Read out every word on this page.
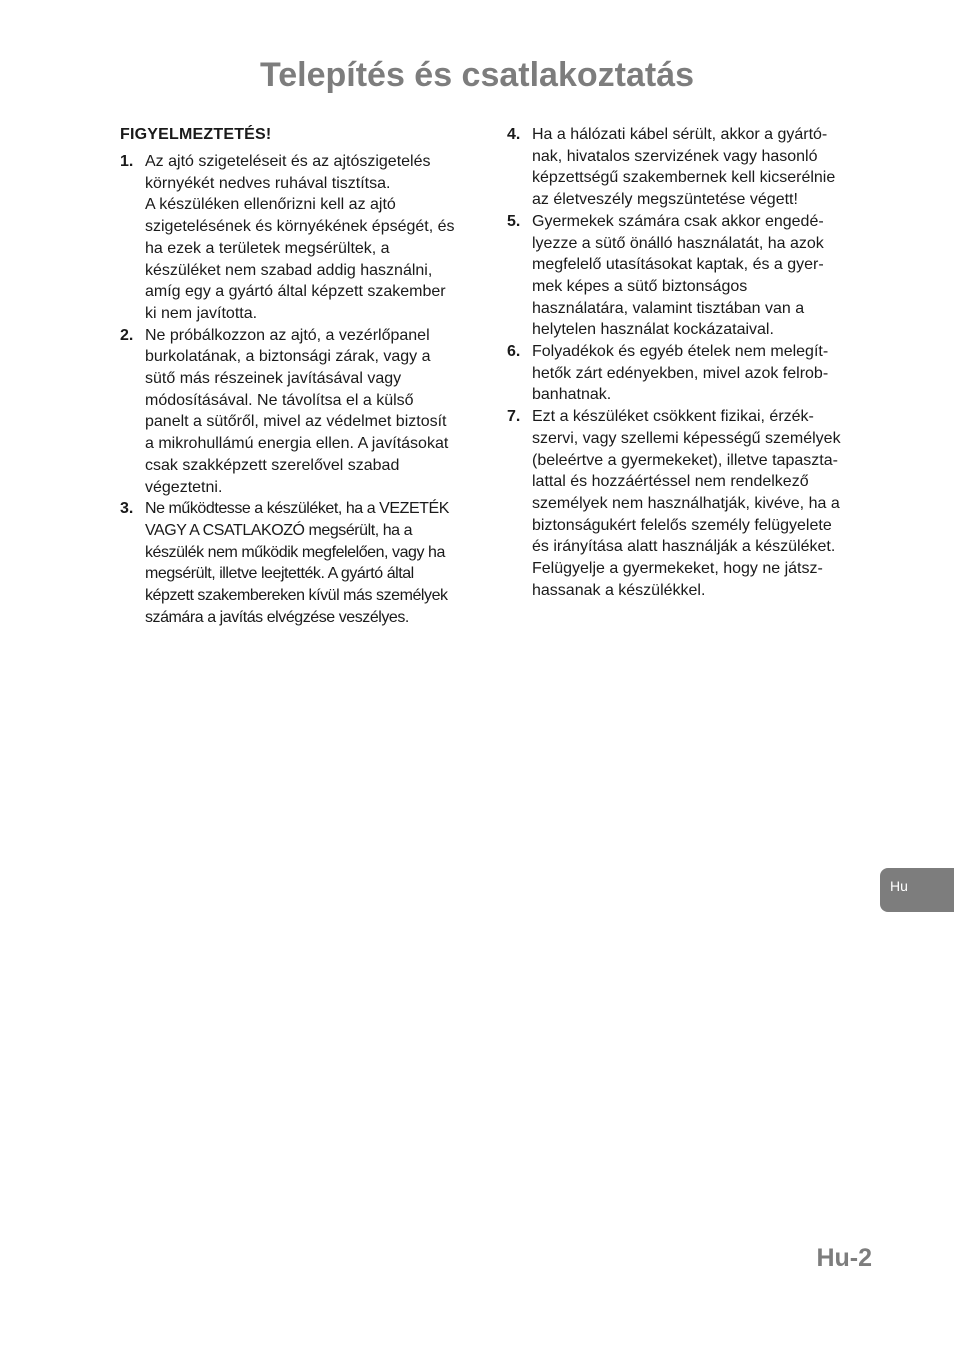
Telepítés és csatlakoztatás
FIGYELMEZTETÉS!
1. Az ajtó szigeteléseit és az ajtószigetelés
környékét nedves ruhával tisztítsa.

A készüléken ellenőrizni kell az ajtó
szigetelésének és környékének épségét, és
ha ezek a területek megsérültek, a
készüléket nem szabad addig használni,
amíg egy a gyártó által képzett szakember
ki nem javította.

2. Ne próbálkozzon az ajtó, a vezérlőpanel
burkolatának, a biztonsági zárak, vagy a
sütő más részeinek javításával vagy
módosításával. Ne távolítsa el a külső
panelt a sütőről, mivel az védelmet biztosít
a mikrohullámú energia ellen. A javításokat
csak szakképzett szerelővel szabad
végeztetni.

3. Ne működtesse a készüléket, ha a VEZETÉK
VAGY A CSATLAKOZÓ megsérült, ha a
készülék nem működik megfelelően, vagy ha
megsérült, illetve leejtették. A gyártó által
képzett szakembereken kívül más személyek
számára a javítás elvégzése veszélyes.

4. Ha a hálózati kábel sérült, akkor a gyártó-
nak, hivatalos szervizének vagy hasonló
képzettségű szakembernek kell kicserélnie
az életveszély megszüntetése végett!

5. Gyermekek számára csak akkor engedé-
lyezze a sütő önálló használatát, ha azok
megfelelő utasításokat kaptak, és a gyer-
mek képes a sütő biztonságos
használatára, valamint tisztában van a
helytelen használat kockázataival.

6. Folyadékok és egyéb ételek nem melegít-
hetők zárt edényekben, mivel azok felrob-
banhatnak.

7. Ezt a készüléket csökkent fizikai, érzék-
szervi, vagy szellemi képességű személyek
(beleértve a gyermekeket), illetve tapaszta-
lattal és hozzáértéssel nem rendelkező
személyek nem használhatják, kivéve, ha a
biztonságukért felelős személy felügyelete
és irányítása alatt használják a készüléket.
Felügyelje a gyermekeket, hogy ne játsz-
hassanak a készülékkel.

Hu
Hu-2
